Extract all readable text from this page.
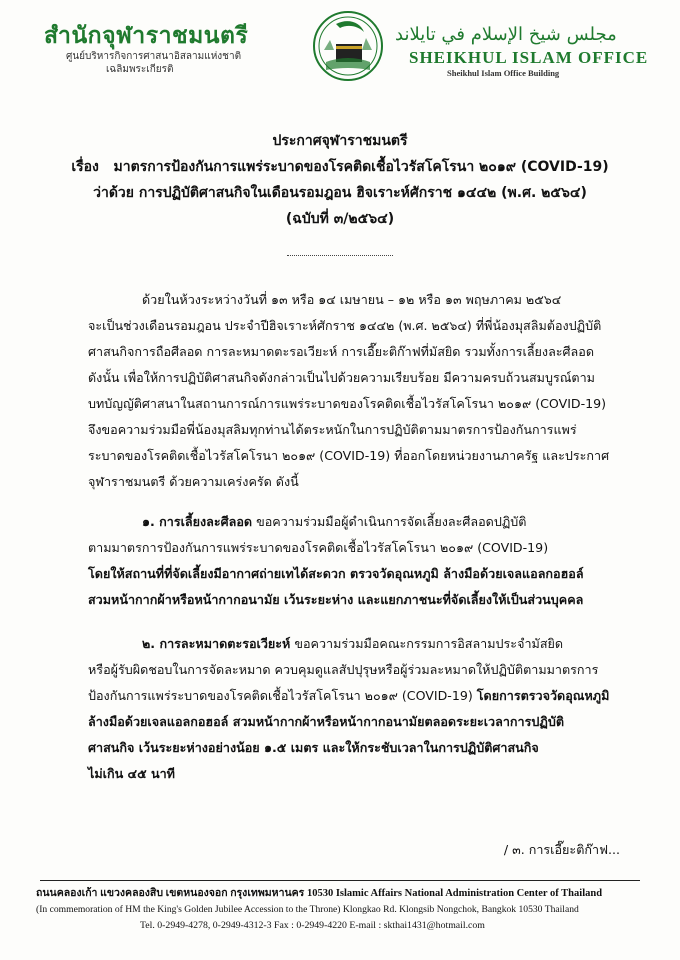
สำนักจุฬาราชมนตรี
ศูนย์บริหารกิจการศาสนาอิสลามแห่งชาติ
เฉลิมพระเกียรติ
مجلس شيخ الإسلام في تايلاند
SHEIKHUL ISLAM OFFICE
Sheikhul Islam Office Building
ประกาศจุฬาราชมนตรี
เรื่อง มาตรการป้องกันการแพร่ระบาดของโรคติดเชื้อไวรัสโคโรนา ๒๐๑๙ (COVID-19)
ว่าด้วย การปฏิบัติศาสนกิจในเดือนรอมฎอน ฮิจเราะห์ศักราช ๑๔๔๒ (พ.ศ. ๒๕๖๔)
(ฉบับที่ ๓/๒๕๖๔)
ด้วยในห้วงระหว่างวันที่ ๑๓ หรือ ๑๔ เมษายน – ๑๒ หรือ ๑๓ พฤษภาคม ๒๕๖๔
จะเป็นช่วงเดือนรอมฎอน ประจำปีฮิจเราะห์ศักราช ๑๔๔๒ (พ.ศ. ๒๕๖๔) ที่พี่น้องมุสลิมต้องปฏิบัติ
ศาสนกิจการถือศีลอด การละหมาดตะรอเวียะห์ การเอี๊ยะติก๊าฟที่มัสยิด รวมทั้งการเลี้ยงละศีลอด
ดังนั้น เพื่อให้การปฏิบัติศาสนกิจดังกล่าวเป็นไปด้วยความเรียบร้อย มีความครบถ้วนสมบูรณ์ตาม
บทบัญญัติศาสนาในสถานการณ์การแพร่ระบาดของโรคติดเชื้อไวรัสโคโรนา ๒๐๑๙ (COVID-19)
จึงขอความร่วมมือพี่น้องมุสลิมทุกท่านได้ตระหนักในการปฏิบัติตามมาตรการป้องกันการแพร่
ระบาดของโรคติดเชื้อไวรัสโคโรนา ๒๐๑๙ (COVID-19) ที่ออกโดยหน่วยงานภาครัฐ และประกาศ
จุฬาราชมนตรี ด้วยความเคร่งครัด ดังนี้
๑. การเลี้ยงละศีลอด ขอความร่วมมือผู้ดำเนินการจัดเลี้ยงละศีลอดปฏิบัติ
ตามมาตรการป้องกันการแพร่ระบาดของโรคติดเชื้อไวรัสโคโรนา ๒๐๑๙ (COVID-19)
โดยให้สถานที่ที่จัดเลี้ยงมีอากาศถ่ายเทได้สะดวก ตรวจวัดอุณหภูมิ ล้างมือด้วยเจลแอลกอฮอล์
สวมหน้ากากผ้าหรือหน้ากากอนามัย เว้นระยะห่าง และแยกภาชนะที่จัดเลี้ยงให้เป็นส่วนบุคคล
๒. การละหมาดตะรอเวียะห์ ขอความร่วมมือคณะกรรมการอิสลามประจำมัสยิด
หรือผู้รับผิดชอบในการจัดละหมาด ควบคุมดูแลสัปปุรุษหรือผู้ร่วมละหมาดให้ปฏิบัติตามมาตรการ
ป้องกันการแพร่ระบาดของโรคติดเชื้อไวรัสโคโรนา ๒๐๑๙ (COVID-19) โดยการตรวจวัดอุณหภูมิ
ล้างมือด้วยเจลแอลกอฮอล์ สวมหน้ากากผ้าหรือหน้ากากอนามัยตลอดระยะเวลาการปฏิบัติ
ศาสนกิจ เว้นระยะห่างอย่างน้อย ๑.๕ เมตร และให้กระชับเวลาในการปฏิบัติศาสนกิจ
ไม่เกิน ๔๕ นาที
/ ๓. การเอี๊ยะติก๊าฟ...
ถนนคลองเก้า แขวงคลองสิบ เขตหนองจอก กรุงเทพมหานคร 10530 Islamic Affairs National Administration Center of Thailand
(In commemoration of HM the King's Golden Jubilee Accession to the Throne) Klongkao Rd. Klongsib Nongchok, Bangkok 10530 Thailand
Tel. 0-2949-4278, 0-2949-4312-3 Fax : 0-2949-4220 E-mail : skthai1431@hotmail.com
